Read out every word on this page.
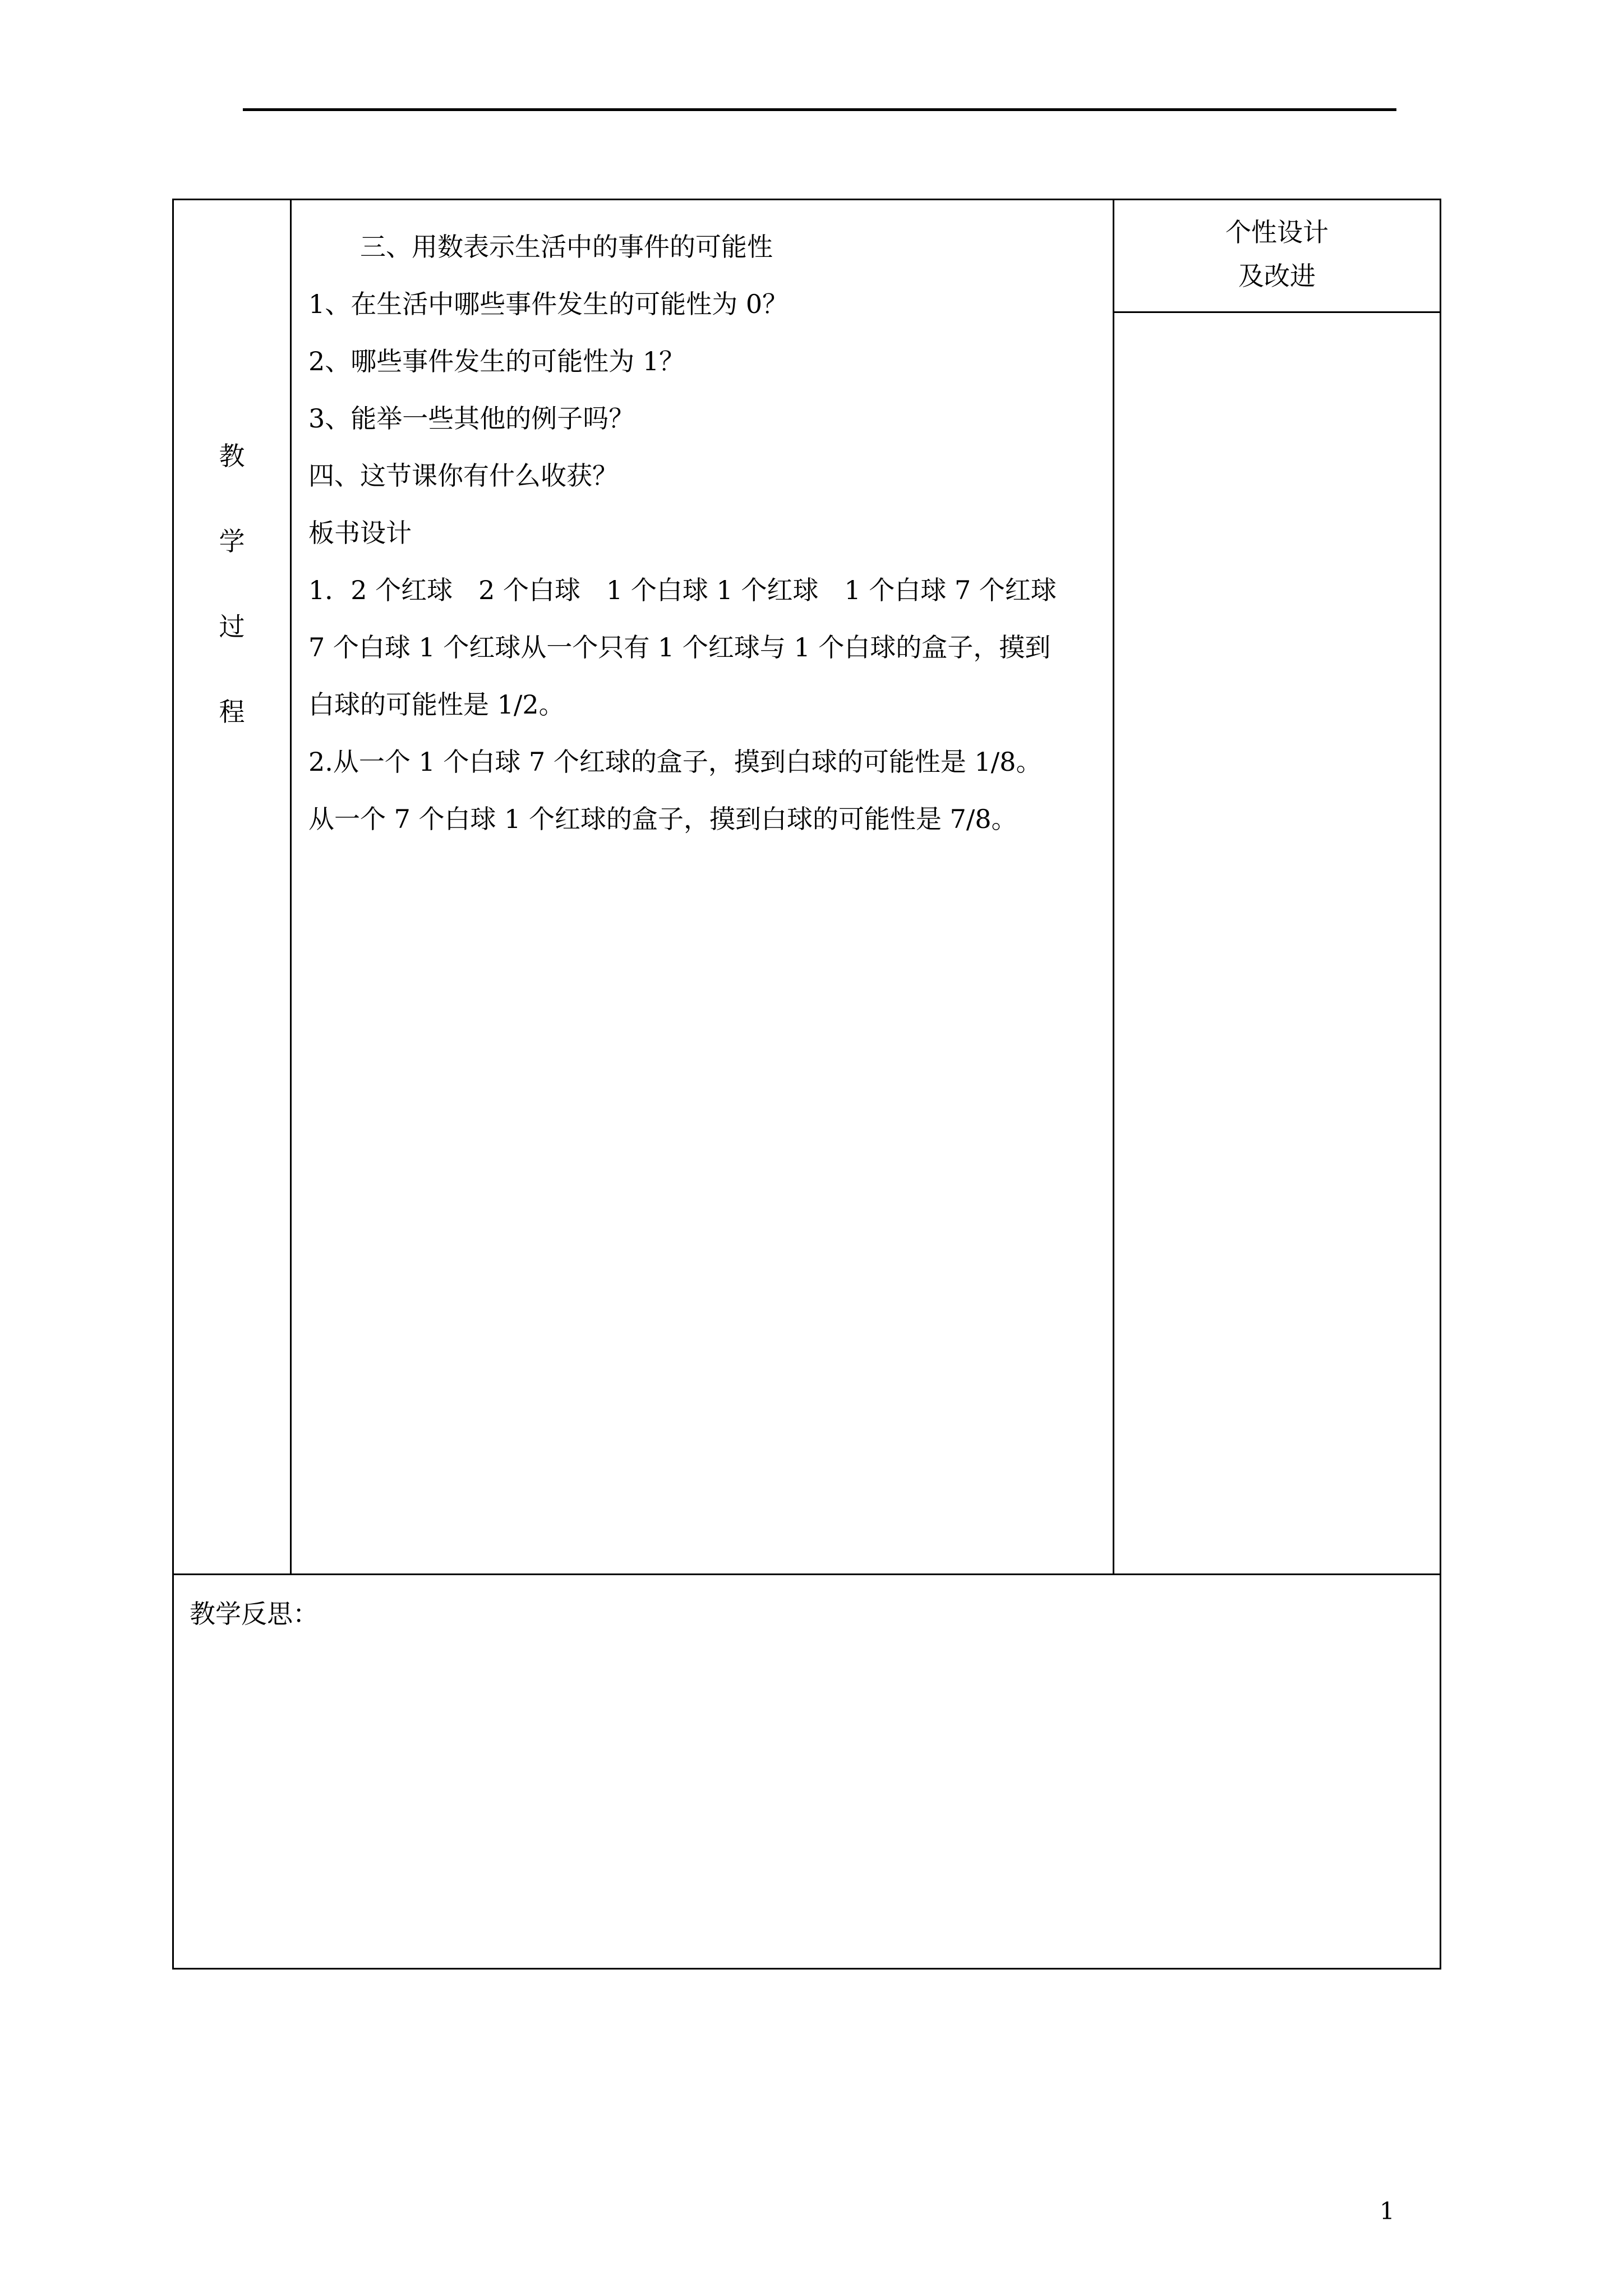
教
学
过
程
三、用数表示生活中的事件的可能性
1、在生活中哪些事件发生的可能性为 0？
2、哪些事件发生的可能性为 1？
3、能举一些其他的例子吗？
四、这节课你有什么收获？
板书设计
1．2 个红球　2 个白球　1 个白球 1 个红球　1 个白球 7 个红球
7 个白球 1 个红球从一个只有 1 个红球与 1 个白球的盒子，摸到
白球的可能性是 1/2。
2.从一个 1 个白球 7 个红球的盒子，摸到白球的可能性是 1/8。
从一个 7 个白球 1 个红球的盒子，摸到白球的可能性是 7/8。
个性设计
及改进
教学反思：
1
